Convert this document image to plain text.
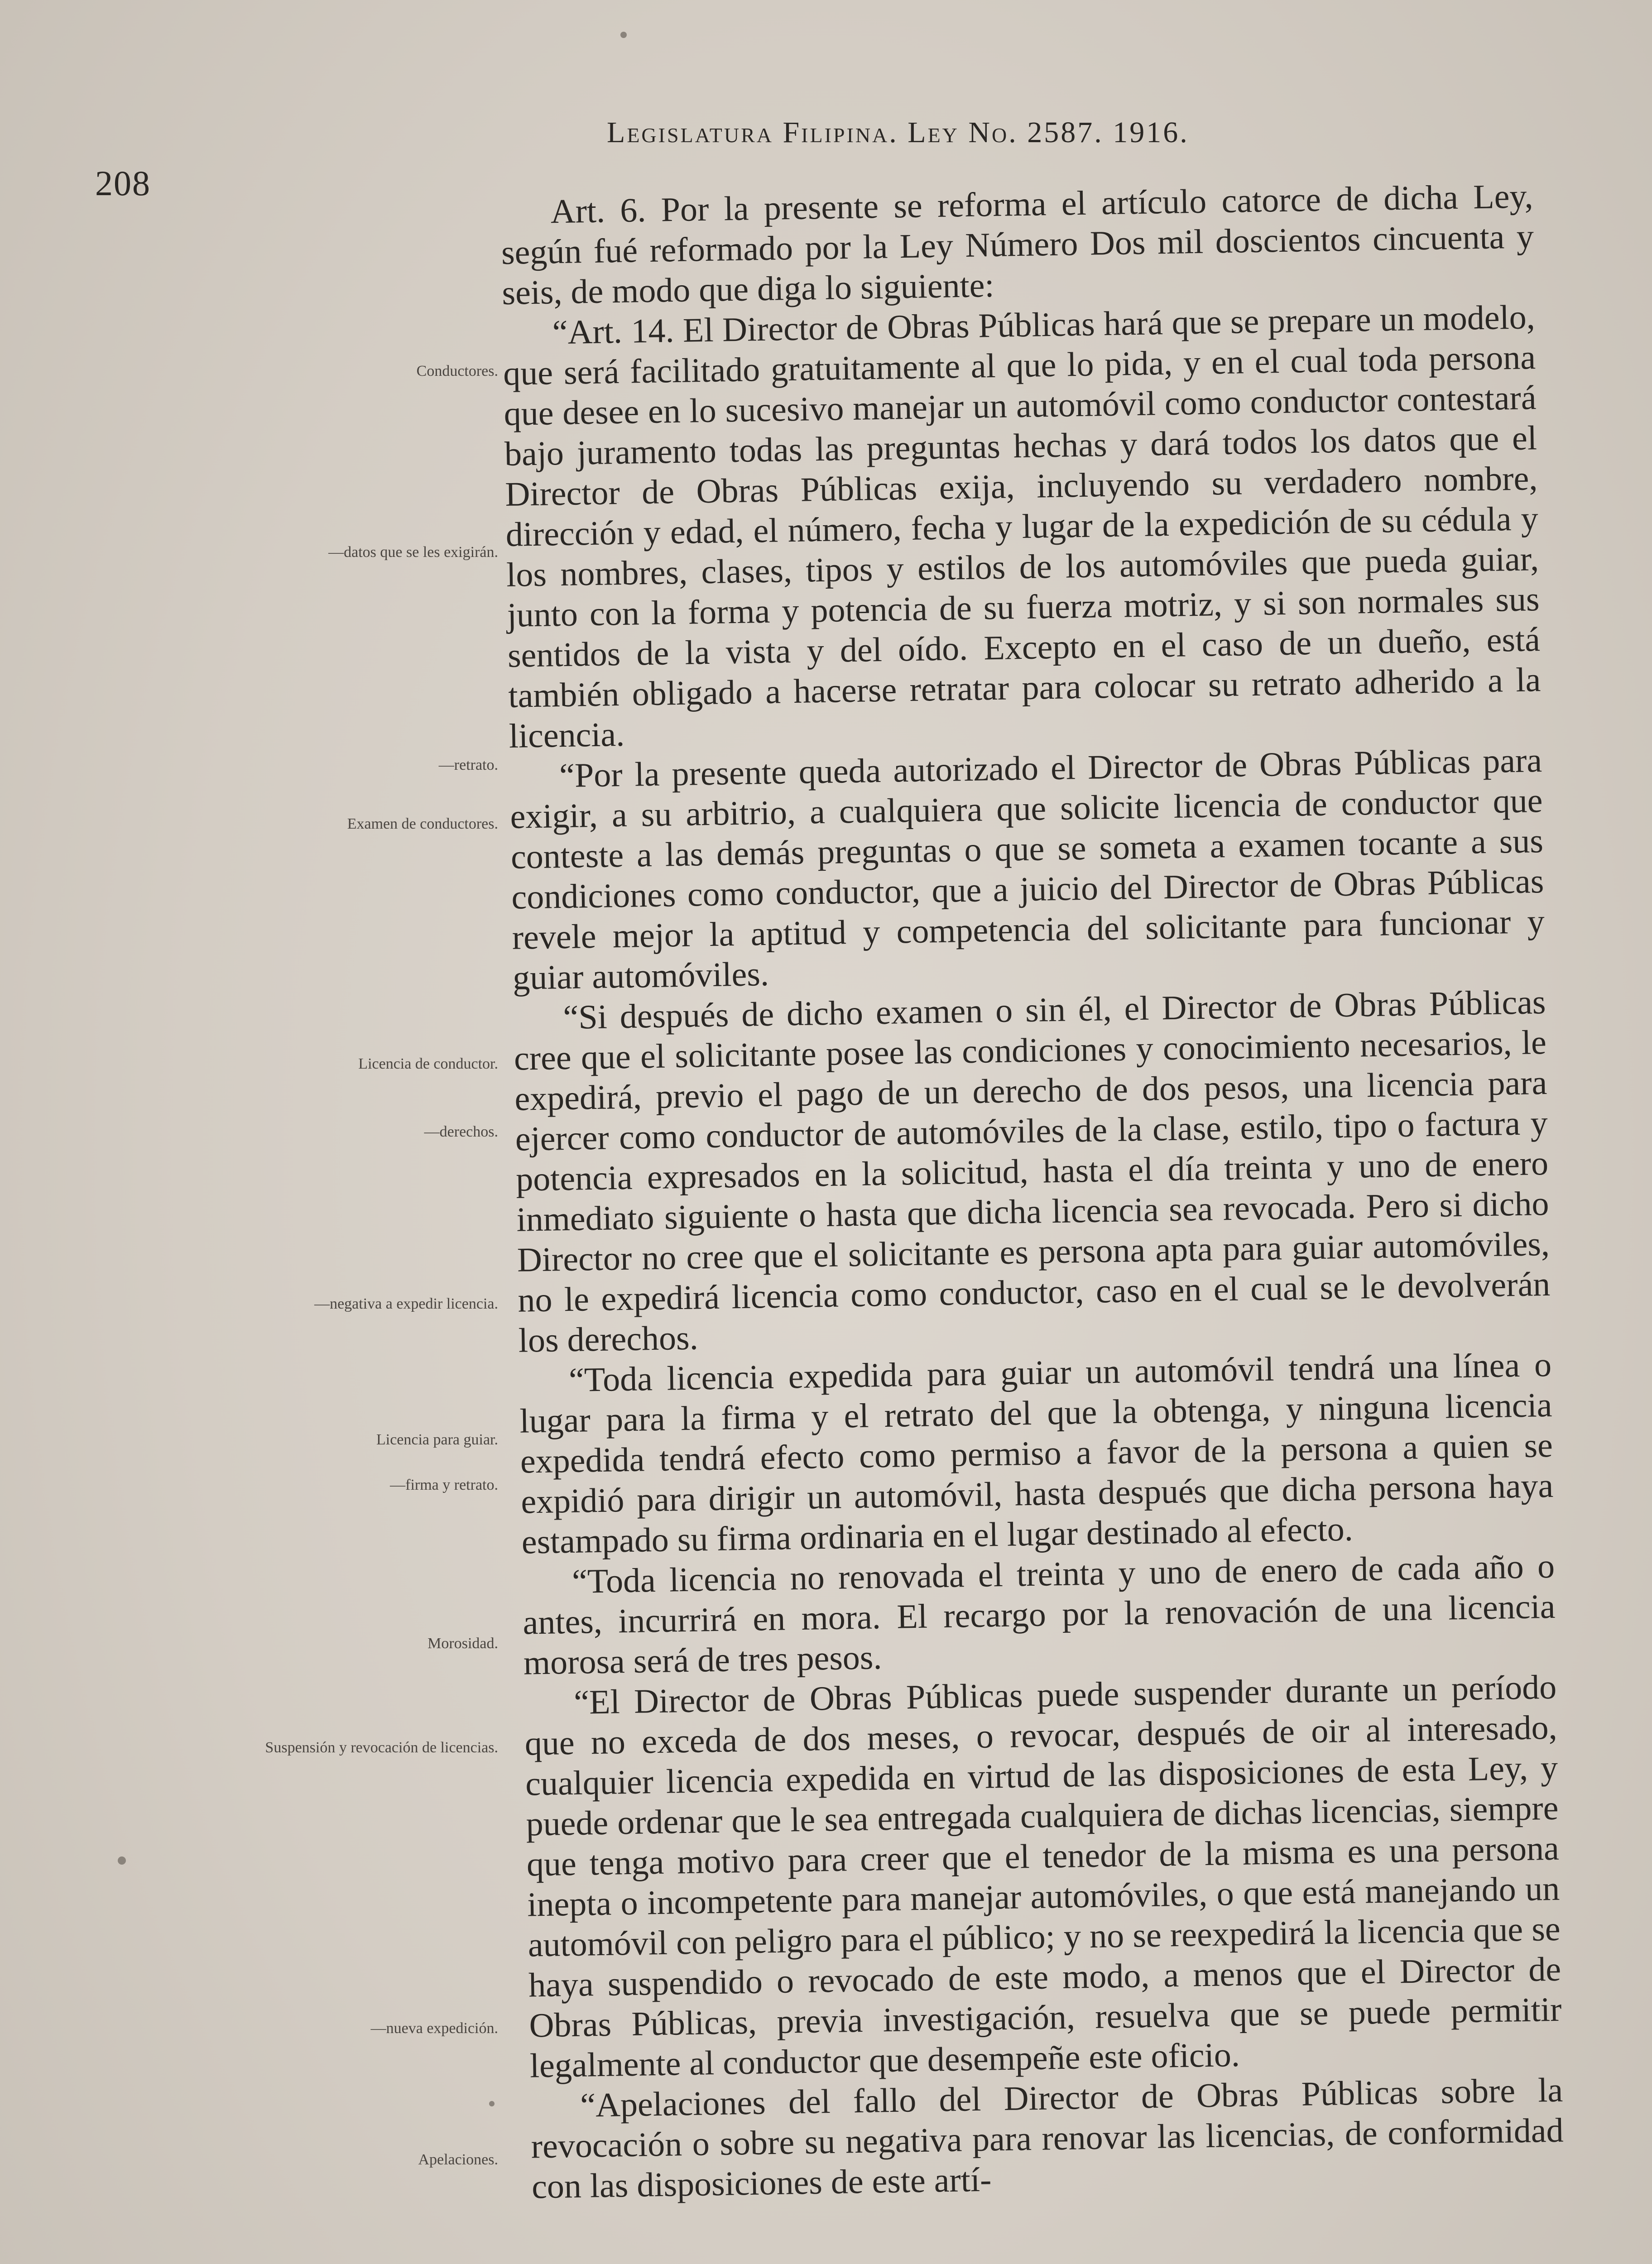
208
Legislatura Filipina. Ley No. 2587. 1916.
Conductores.
—datos que se les exigirán.
—retrato.
Examen de conductores.
Licencia de conductor.
—derechos.
—negativa a expedir licencia.
Licencia para guiar.
—firma y retrato.
Morosidad.
Suspensión y revocación de licencias.
—nueva expedición.
Apelaciones.

Art. 6. Por la presente se reforma el artículo catorce de dicha Ley, según fué reformado por la Ley Número Dos mil doscientos cincuenta y seis, de modo que diga lo siguiente:

“Art. 14. El Director de Obras Públicas hará que se prepare un modelo, que será facilitado gratuitamente al que lo pida, y en el cual toda persona que desee en lo sucesivo manejar un automóvil como conductor contestará bajo juramento todas las preguntas hechas y dará todos los datos que el Director de Obras Públicas exija, incluyendo su verdadero nombre, dirección y edad, el número, fecha y lugar de la expedición de su cédula y los nombres, clases, tipos y estilos de los automóviles que pueda guiar, junto con la forma y potencia de su fuerza motriz, y si son normales sus sentidos de la vista y del oído. Excepto en el caso de un dueño, está también obligado a hacerse retratar para colocar su retrato adherido a la licencia.

“Por la presente queda autorizado el Director de Obras Públicas para exigir, a su arbitrio, a cualquiera que solicite licencia de conductor que conteste a las demás preguntas o que se someta a examen tocante a sus condiciones como conductor, que a juicio del Director de Obras Públicas revele mejor la aptitud y competencia del solicitante para funcionar y guiar automóviles.

“Si después de dicho examen o sin él, el Director de Obras Públicas cree que el solicitante posee las condiciones y conocimiento necesarios, le expedirá, previo el pago de un derecho de dos pesos, una licencia para ejercer como conductor de automóviles de la clase, estilo, tipo o factura y potencia expresados en la solicitud, hasta el día treinta y uno de enero inmediato siguiente o hasta que dicha licencia sea revocada. Pero si dicho Director no cree que el solicitante es persona apta para guiar automóviles, no le expedirá licencia como conductor, caso en el cual se le devolverán los derechos.

“Toda licencia expedida para guiar un automóvil tendrá una línea o lugar para la firma y el retrato del que la obtenga, y ninguna licencia expedida tendrá efecto como permiso a favor de la persona a quien se expidió para dirigir un automóvil, hasta después que dicha persona haya estampado su firma ordinaria en el lugar destinado al efecto.

“Toda licencia no renovada el treinta y uno de enero de cada año o antes, incurrirá en mora. El recargo por la renovación de una licencia morosa será de tres pesos.

“El Director de Obras Públicas puede suspender durante un período que no exceda de dos meses, o revocar, después de oir al interesado, cualquier licencia expedida en virtud de las disposiciones de esta Ley, y puede ordenar que le sea entregada cualquiera de dichas licencias, siempre que tenga motivo para creer que el tenedor de la misma es una persona inepta o incompetente para manejar automóviles, o que está manejando un automóvil con peligro para el público; y no se reexpedirá la licencia que se haya suspendido o revocado de este modo, a menos que el Director de Obras Públicas, previa investigación, resuelva que se puede permitir legalmente al conductor que desempeñe este oficio.

“Apelaciones del fallo del Director de Obras Públicas sobre la revocación o sobre su negativa para renovar las licencias, de conformidad con las disposiciones de este artí-
